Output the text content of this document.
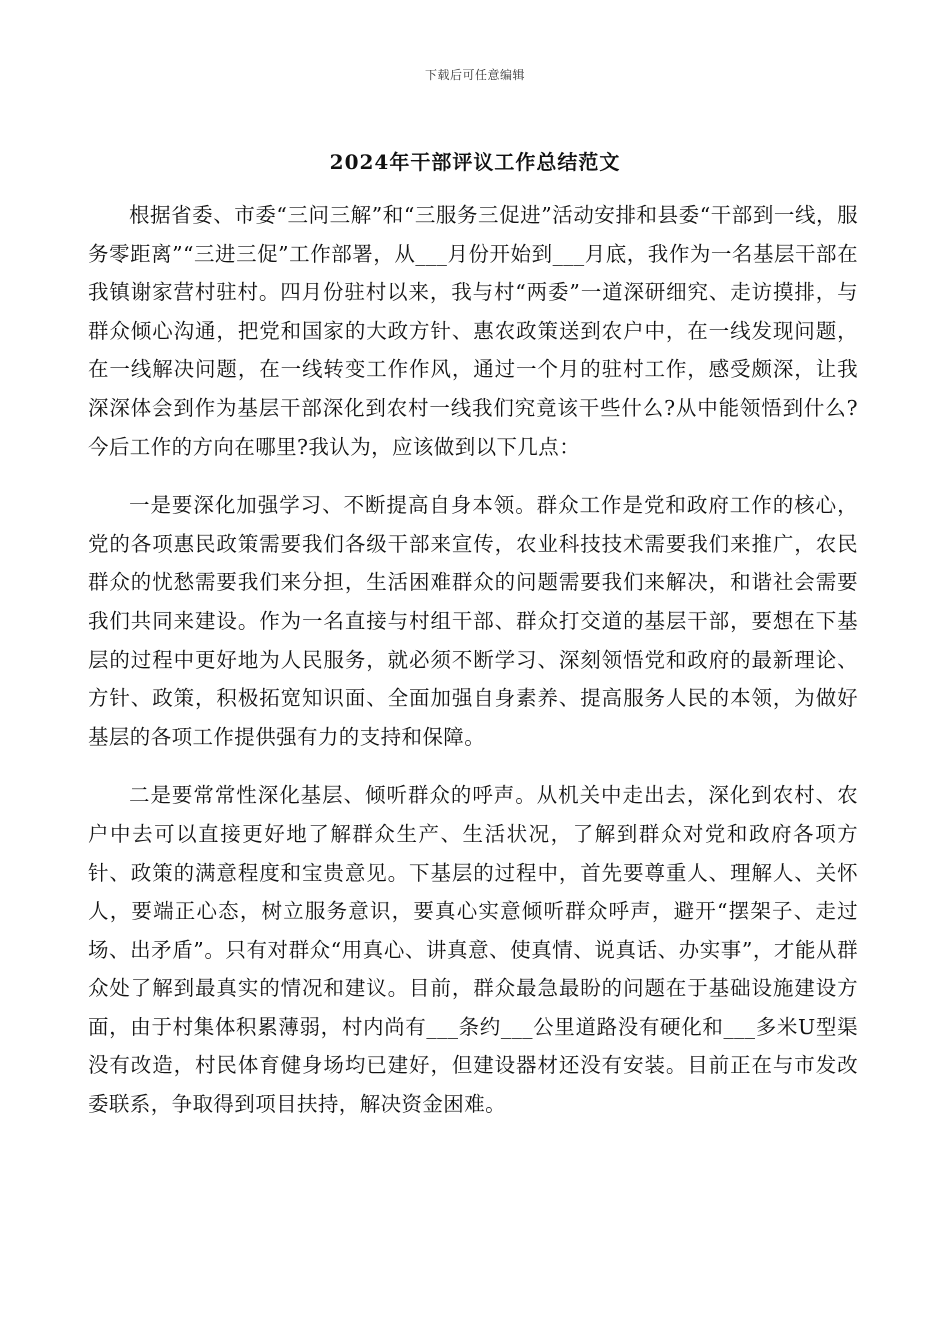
下载后可任意编辑
2024年干部评议工作总结范文

根据省委、市委“三问三解”和“三服务三促进”活动安排和县委“干部到一线，服务零距离”“三进三促”工作部署，从___月份开始到___月底，我作为一名基层干部在我镇谢家营村驻村。四月份驻村以来，我与村“两委”一道深研细究、走访摸排，与群众倾心沟通，把党和国家的大政方针、惠农政策送到农户中，在一线发现问题，在一线解决问题，在一线转变工作作风，通过一个月的驻村工作，感受颇深，让我深深体会到作为基层干部深化到农村一线我们究竟该干些什么?从中能领悟到什么?今后工作的方向在哪里?我认为，应该做到以下几点：

一是要深化加强学习、不断提高自身本领。群众工作是党和政府工作的核心，党的各项惠民政策需要我们各级干部来宣传，农业科技技术需要我们来推广，农民群众的忧愁需要我们来分担，生活困难群众的问题需要我们来解决，和谐社会需要我们共同来建设。作为一名直接与村组干部、群众打交道的基层干部，要想在下基层的过程中更好地为人民服务，就必须不断学习、深刻领悟党和政府的最新理论、方针、政策，积极拓宽知识面、全面加强自身素养、提高服务人民的本领，为做好基层的各项工作提供强有力的支持和保障。

二是要常常性深化基层、倾听群众的呼声。从机关中走出去，深化到农村、农户中去可以直接更好地了解群众生产、生活状况，了解到群众对党和政府各项方针、政策的满意程度和宝贵意见。下基层的过程中，首先要尊重人、理解人、关怀人，要端正心态，树立服务意识，要真心实意倾听群众呼声，避开“摆架子、走过场、出矛盾”。只有对群众“用真心、讲真意、使真情、说真话、办实事”，才能从群众处了解到最真实的情况和建议。目前，群众最急最盼的问题在于基础设施建设方面，由于村集体积累薄弱，村内尚有___条约___公里道路没有硬化和___多米U型渠没有改造，村民体育健身场均已建好，但建设器材还没有安装。目前正在与市发改委联系，争取得到项目扶持，解决资金困难。
